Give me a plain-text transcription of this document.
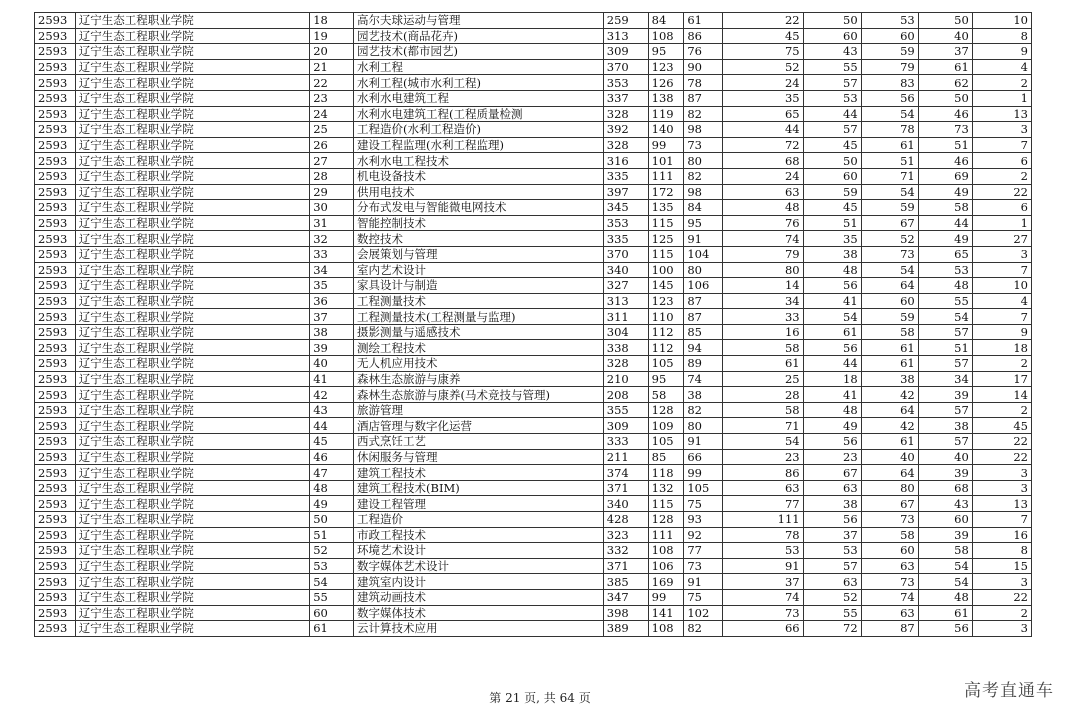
2593	辽宁生态工程职业学院	18	高尔夫球运动与管理	259	84	61	22	50	53	50	10
2593	辽宁生态工程职业学院	19	园艺技术(商品花卉)	313	108	86	45	60	60	40	8
2593	辽宁生态工程职业学院	20	园艺技术(都市园艺)	309	95	76	75	43	59	37	9
2593	辽宁生态工程职业学院	21	水利工程	370	123	90	52	55	79	61	4
2593	辽宁生态工程职业学院	22	水利工程(城市水利工程)	353	126	78	24	57	83	62	2
2593	辽宁生态工程职业学院	23	水利水电建筑工程	337	138	87	35	53	56	50	1
2593	辽宁生态工程职业学院	24	水利水电建筑工程(工程质量检测	328	119	82	65	44	54	46	13
2593	辽宁生态工程职业学院	25	工程造价(水利工程造价)	392	140	98	44	57	78	73	3
2593	辽宁生态工程职业学院	26	建设工程监理(水利工程监理)	328	99	73	72	45	61	51	7
2593	辽宁生态工程职业学院	27	水利水电工程技术	316	101	80	68	50	51	46	6
2593	辽宁生态工程职业学院	28	机电设备技术	335	111	82	24	60	71	69	2
2593	辽宁生态工程职业学院	29	供用电技术	397	172	98	63	59	54	49	22
2593	辽宁生态工程职业学院	30	分布式发电与智能微电网技术	345	135	84	48	45	59	58	6
2593	辽宁生态工程职业学院	31	智能控制技术	353	115	95	76	51	67	44	1
2593	辽宁生态工程职业学院	32	数控技术	335	125	91	74	35	52	49	27
2593	辽宁生态工程职业学院	33	会展策划与管理	370	115	104	79	38	73	65	3
2593	辽宁生态工程职业学院	34	室内艺术设计	340	100	80	80	48	54	53	7
2593	辽宁生态工程职业学院	35	家具设计与制造	327	145	106	14	56	64	48	10
2593	辽宁生态工程职业学院	36	工程测量技术	313	123	87	34	41	60	55	4
2593	辽宁生态工程职业学院	37	工程测量技术(工程测量与监理)	311	110	87	33	54	59	54	7
2593	辽宁生态工程职业学院	38	摄影测量与遥感技术	304	112	85	16	61	58	57	9
2593	辽宁生态工程职业学院	39	测绘工程技术	338	112	94	58	56	61	51	18
2593	辽宁生态工程职业学院	40	无人机应用技术	328	105	89	61	44	61	57	2
2593	辽宁生态工程职业学院	41	森林生态旅游与康养	210	95	74	25	18	38	34	17
2593	辽宁生态工程职业学院	42	森林生态旅游与康养(马术竞技与管理)	208	58	38	28	41	42	39	14
2593	辽宁生态工程职业学院	43	旅游管理	355	128	82	58	48	64	57	2
2593	辽宁生态工程职业学院	44	酒店管理与数字化运营	309	109	80	71	49	42	38	45
2593	辽宁生态工程职业学院	45	西式烹饪工艺	333	105	91	54	56	61	57	22
2593	辽宁生态工程职业学院	46	休闲服务与管理	211	85	66	23	23	40	40	22
2593	辽宁生态工程职业学院	47	建筑工程技术	374	118	99	86	67	64	39	3
2593	辽宁生态工程职业学院	48	建筑工程技术(BIM)	371	132	105	63	63	80	68	3
2593	辽宁生态工程职业学院	49	建设工程管理	340	115	75	77	38	67	43	13
2593	辽宁生态工程职业学院	50	工程造价	428	128	93	111	56	73	60	7
2593	辽宁生态工程职业学院	51	市政工程技术	323	111	92	78	37	58	39	16
2593	辽宁生态工程职业学院	52	环境艺术设计	332	108	77	53	53	60	58	8
2593	辽宁生态工程职业学院	53	数字媒体艺术设计	371	106	73	91	57	63	54	15
2593	辽宁生态工程职业学院	54	建筑室内设计	385	169	91	37	63	73	54	3
2593	辽宁生态工程职业学院	55	建筑动画技术	347	99	75	74	52	74	48	22
2593	辽宁生态工程职业学院	60	数字媒体技术	398	141	102	73	55	63	61	2
2593	辽宁生态工程职业学院	61	云计算技术应用	389	108	82	66	72	87	56	3
第 21 页, 共 64 页	高考直通车
